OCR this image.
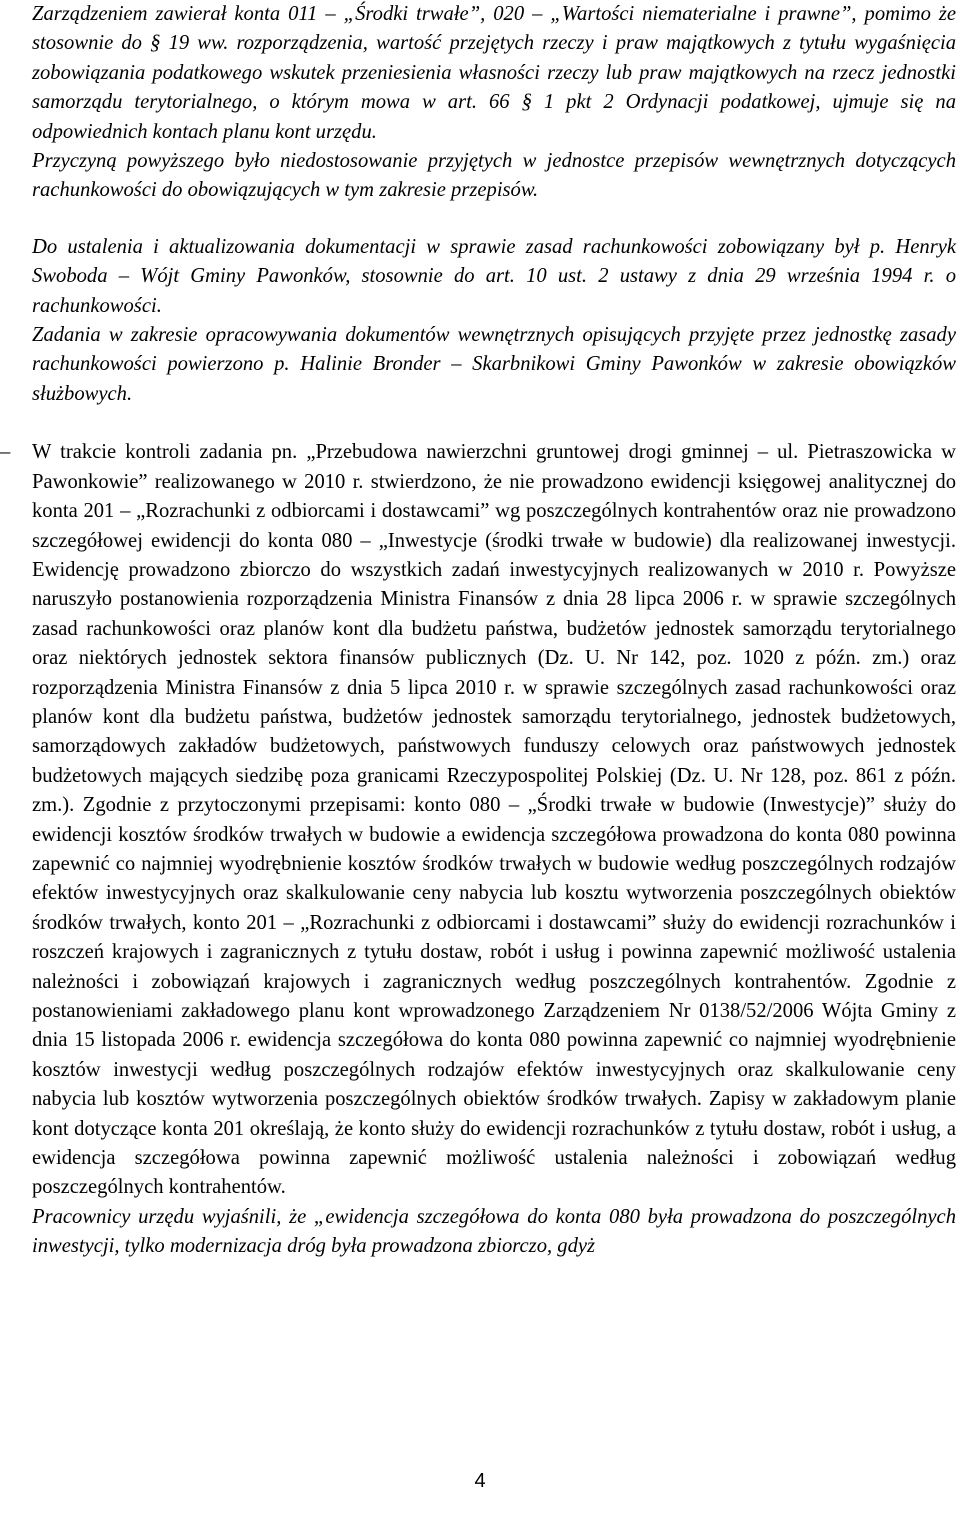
Zarządzeniem zawierał konta 011 – „Środki trwałe”, 020 – „Wartości niematerialne i prawne”, pomimo że stosownie do § 19 ww. rozporządzenia, wartość przejętych rzeczy i praw majątkowych z tytułu wygaśnięcia zobowiązania podatkowego wskutek przeniesienia własności rzeczy lub praw majątkowych na rzecz jednostki samorządu terytorialnego, o którym mowa w art. 66 § 1 pkt 2 Ordynacji podatkowej, ujmuje się na odpowiednich kontach planu kont urzędu.

Przyczyną powyższego było niedostosowanie przyjętych w jednostce przepisów wewnętrznych dotyczących rachunkowości do obowiązujących w tym zakresie przepisów.

Do ustalenia i aktualizowania dokumentacji w sprawie zasad rachunkowości zobowiązany był p. Henryk Swoboda – Wójt Gminy Pawonków, stosownie do art. 10 ust. 2 ustawy z dnia 29 września 1994 r. o rachunkowości.

Zadania w zakresie opracowywania dokumentów wewnętrznych opisujących przyjęte przez jednostkę zasady rachunkowości powierzono p. Halinie Bronder – Skarbnikowi Gminy Pawonków w zakresie obowiązków służbowych.

– W trakcie kontroli zadania pn. „Przebudowa nawierzchni gruntowej drogi gminnej – ul. Pietraszowicka w Pawonkowie” realizowanego w 2010 r. stwierdzono, że nie prowadzono ewidencji księgowej analitycznej do konta 201 – „Rozrachunki z odbiorcami i dostawcami” wg poszczególnych kontrahentów oraz nie prowadzono szczegółowej ewidencji do konta 080 – „Inwestycje (środki trwałe w budowie) dla realizowanej inwestycji. Ewidencję prowadzono zbiorczo do wszystkich zadań inwestycyjnych realizowanych w 2010 r. Powyższe naruszyło postanowienia rozporządzenia Ministra Finansów z dnia 28 lipca 2006 r. w sprawie szczególnych zasad rachunkowości oraz planów kont dla budżetu państwa, budżetów jednostek samorządu terytorialnego oraz niektórych jednostek sektora finansów publicznych (Dz. U. Nr 142, poz. 1020 z późn. zm.) oraz rozporządzenia Ministra Finansów z dnia 5 lipca 2010 r. w sprawie szczególnych zasad rachunkowości oraz planów kont dla budżetu państwa, budżetów jednostek samorządu terytorialnego, jednostek budżetowych, samorządowych zakładów budżetowych, państwowych funduszy celowych oraz państwowych jednostek budżetowych mających siedzibę poza granicami Rzeczypospolitej Polskiej (Dz. U. Nr 128, poz. 861 z późn. zm.). Zgodnie z przytoczonymi przepisami: konto 080 – „Środki trwałe w budowie (Inwestycje)” służy do ewidencji kosztów środków trwałych w budowie a ewidencja szczegółowa prowadzona do konta 080 powinna zapewnić co najmniej wyodrębnienie kosztów środków trwałych w budowie według poszczególnych rodzajów efektów inwestycyjnych oraz skalkulowanie ceny nabycia lub kosztu wytworzenia poszczególnych obiektów środków trwałych, konto 201 – „Rozrachunki z odbiorcami i dostawcami” służy do ewidencji rozrachunków i roszczeń krajowych i zagranicznych z tytułu dostaw, robót i usług i powinna zapewnić możliwość ustalenia należności i zobowiązań krajowych i zagranicznych według poszczególnych kontrahentów. Zgodnie z postanowieniami zakładowego planu kont wprowadzonego Zarządzeniem Nr 0138/52/2006 Wójta Gminy z dnia 15 listopada 2006 r. ewidencja szczegółowa do konta 080 powinna zapewnić co najmniej wyodrębnienie kosztów inwestycji według poszczególnych rodzajów efektów inwestycyjnych oraz skalkulowanie ceny nabycia lub kosztów wytworzenia poszczególnych obiektów środków trwałych. Zapisy w zakładowym planie kont dotyczące konta 201 określają, że konto służy do ewidencji rozrachunków z tytułu dostaw, robót i usług, a ewidencja szczegółowa powinna zapewnić możliwość ustalenia należności i zobowiązań według poszczególnych kontrahentów.

Pracownicy urzędu wyjaśnili, że „ewidencja szczegółowa do konta 080 była prowadzona do poszczególnych inwestycji, tylko modernizacja dróg była prowadzona zbiorczo, gdyż

4
